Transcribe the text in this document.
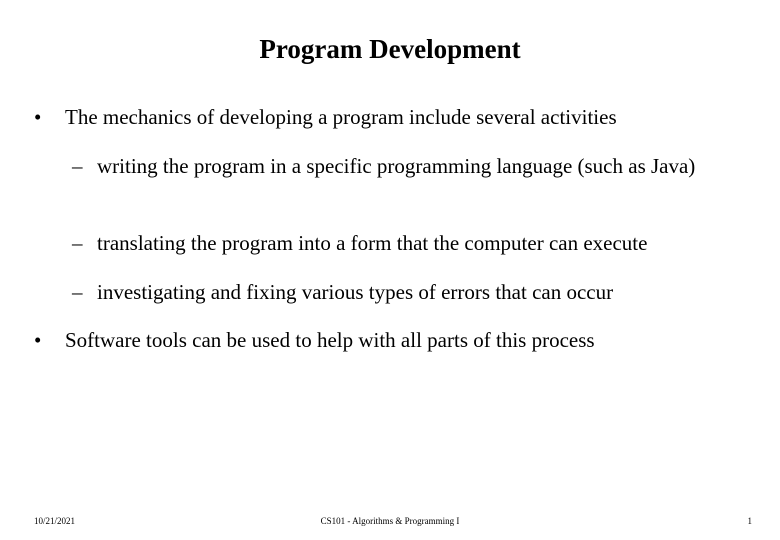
Program Development
• The mechanics of developing a program include several activities
– writing the program in a specific programming language (such as Java)
– translating the program into a form that the computer can execute
– investigating and fixing various types of errors that can occur
• Software tools can be used to help with all parts of this process
10/21/2021	CS101 - Algorithms & Programming I	1
